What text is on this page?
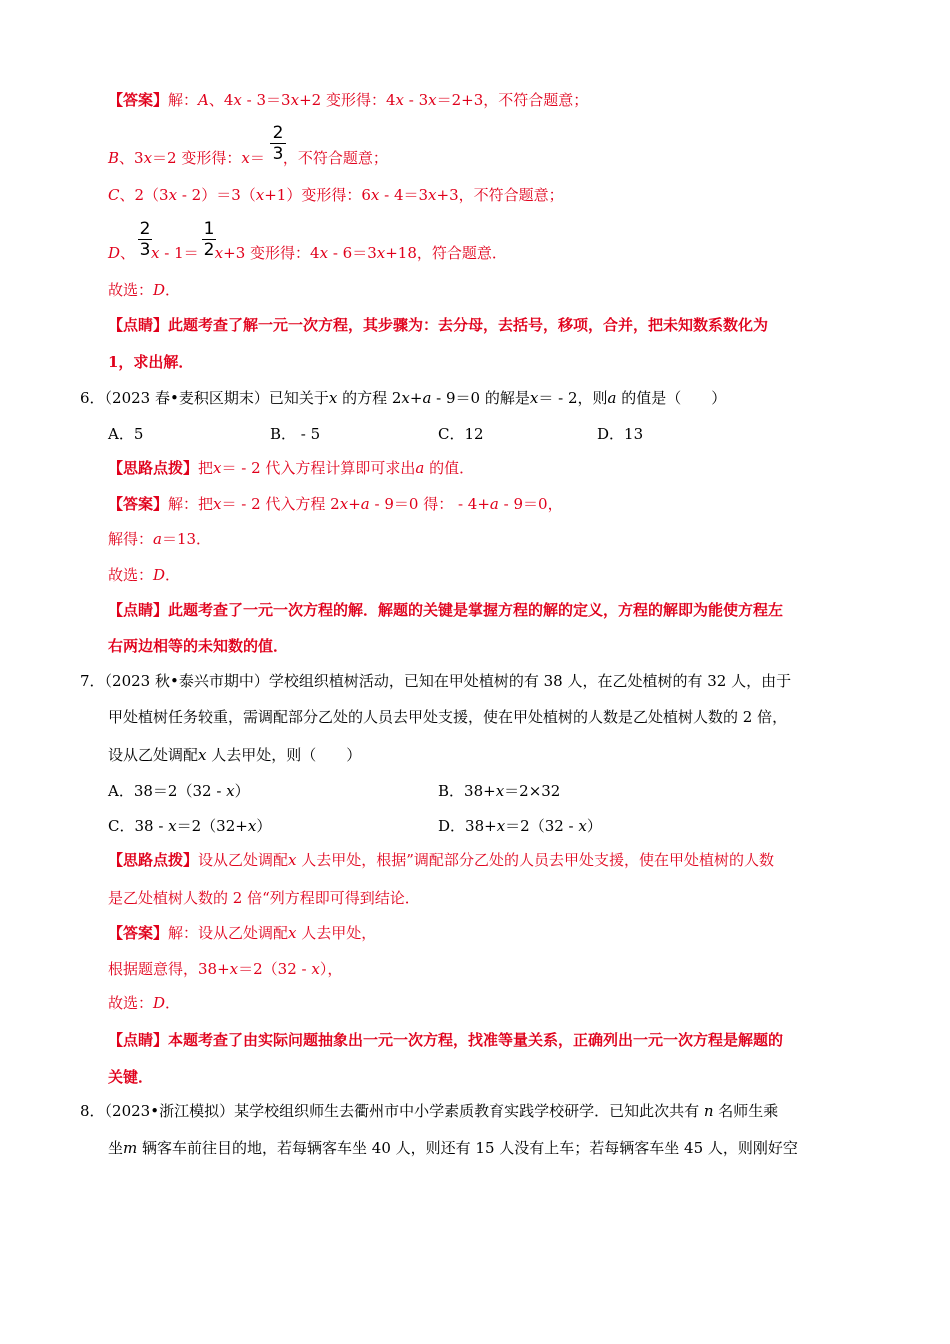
【答案】解：A、4x - 3＝3x+2 变形得：4x - 3x＝2+3，不符合题意；
2
3
B、3x＝2 变形得：x＝ ，不符合题意；
C、2（3x - 2）＝3（x+1）变形得：6x - 4＝3x+3，不符合题意；
2
3
1
2
D、 x - 1＝ x+3 变形得：4x - 6＝3x+18，符合题意．
故选：D．
【点睛】此题考查了解一元一次方程，其步骤为：去分母，去括号，移项，合并，把未知数系数化为
1，求出解．
6．（2023 春•麦积区期末）已知关于x 的方程 2x+a - 9＝0 的解是x＝ - 2，则a 的值是（　　）
A．5	B． - 5	C．12	D．13
【思路点拨】把x＝ - 2 代入方程计算即可求出a 的值．
【答案】解：把x＝ - 2 代入方程 2x+a - 9＝0 得： - 4+a - 9＝0，
解得：a＝13．
故选：D．
【点睛】此题考查了一元一次方程的解．解题的关键是掌握方程的解的定义，方程的解即为能使方程左
右两边相等的未知数的值．
7．（2023 秋•泰兴市期中）学校组织植树活动，已知在甲处植树的有 38 人，在乙处植树的有 32 人，由于
甲处植树任务较重，需调配部分乙处的人员去甲处支援，使在甲处植树的人数是乙处植树人数的 2 倍，
设从乙处调配x 人去甲处，则（　　）
A．38＝2（32 - x）	B．38+x＝2×32
C．38 - x＝2（32+x）	D．38+x＝2（32 - x）
【思路点拨】设从乙处调配x 人去甲处，根据”调配部分乙处的人员去甲处支援，使在甲处植树的人数
是乙处植树人数的 2 倍“列方程即可得到结论．
【答案】解：设从乙处调配x 人去甲处，
根据题意得，38+x＝2（32 - x），
故选：D．
【点睛】本题考查了由实际问题抽象出一元一次方程，找准等量关系，正确列出一元一次方程是解题的
关键．
8．（2023•浙江模拟）某学校组织师生去衢州市中小学素质教育实践学校研学．已知此次共有 n 名师生乘
坐m 辆客车前往目的地，若每辆客车坐 40 人，则还有 15 人没有上车；若每辆客车坐 45 人，则刚好空
